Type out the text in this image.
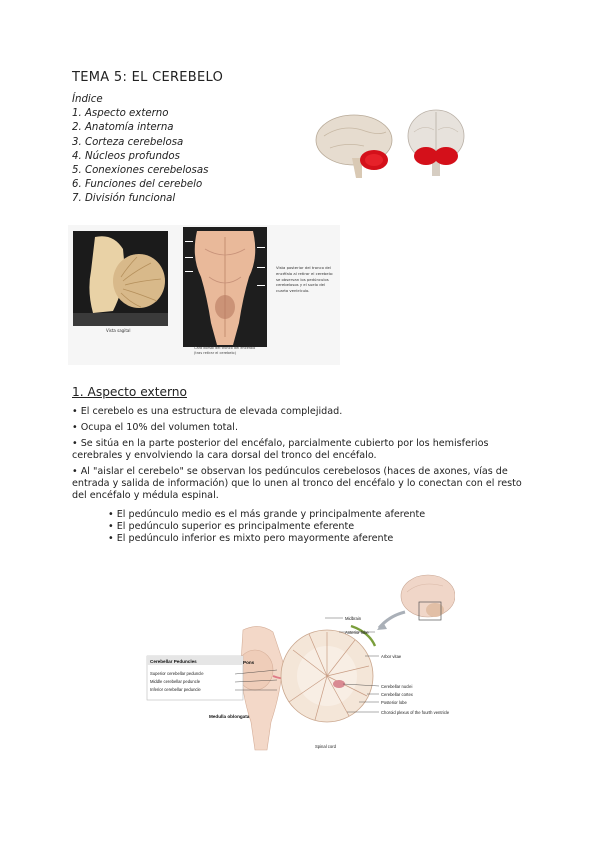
TEMA 5: EL CEREBELO
Índice
1. Aspecto externo
2. Anatomía interna
3. Corteza cerebelosa
4. Núcleos profundos
5. Conexiones cerebelosas
6. Funciones del cerebelo
7. División funcional
Vista sagital
Cara dorsal del tronco del encéfalo (tras retirar el cerebelo)
Vista posterior del tronco del encéfalo al retirar el cerebelo: se observan los pedúnculos cerebelosos y el suelo del cuarto ventrículo.
1. Aspecto externo
• El cerebelo es una estructura de elevada complejidad.
• Ocupa el 10% del volumen total.
• Se sitúa en la parte posterior del encéfalo, parcialmente cubierto por los hemisferios cerebrales y envolviendo la cara dorsal del tronco del encéfalo.
• Al "aislar el cerebelo" se observan los pedúnculos cerebelosos (haces de axones, vías de entrada y salida de información) que lo unen al tronco del encéfalo y lo conectan con el resto del encéfalo y médula espinal.
• El pedúnculo medio es el más grande y principalmente aferente
• El pedúnculo superior es principalmente eferente
• El pedúnculo inferior es mixto pero mayormente aferente
Cerebellar Peduncles
Superior cerebellar peduncle
Middle cerebellar peduncle
Inferior cerebellar peduncle
Pons
Midbrain
Anterior lobe
Arbor vitae
Cerebellar nuclei
Cerebellar cortex
Posterior lobe
Choroid plexus of the fourth ventricle
Medulla oblongata
Spinal cord
